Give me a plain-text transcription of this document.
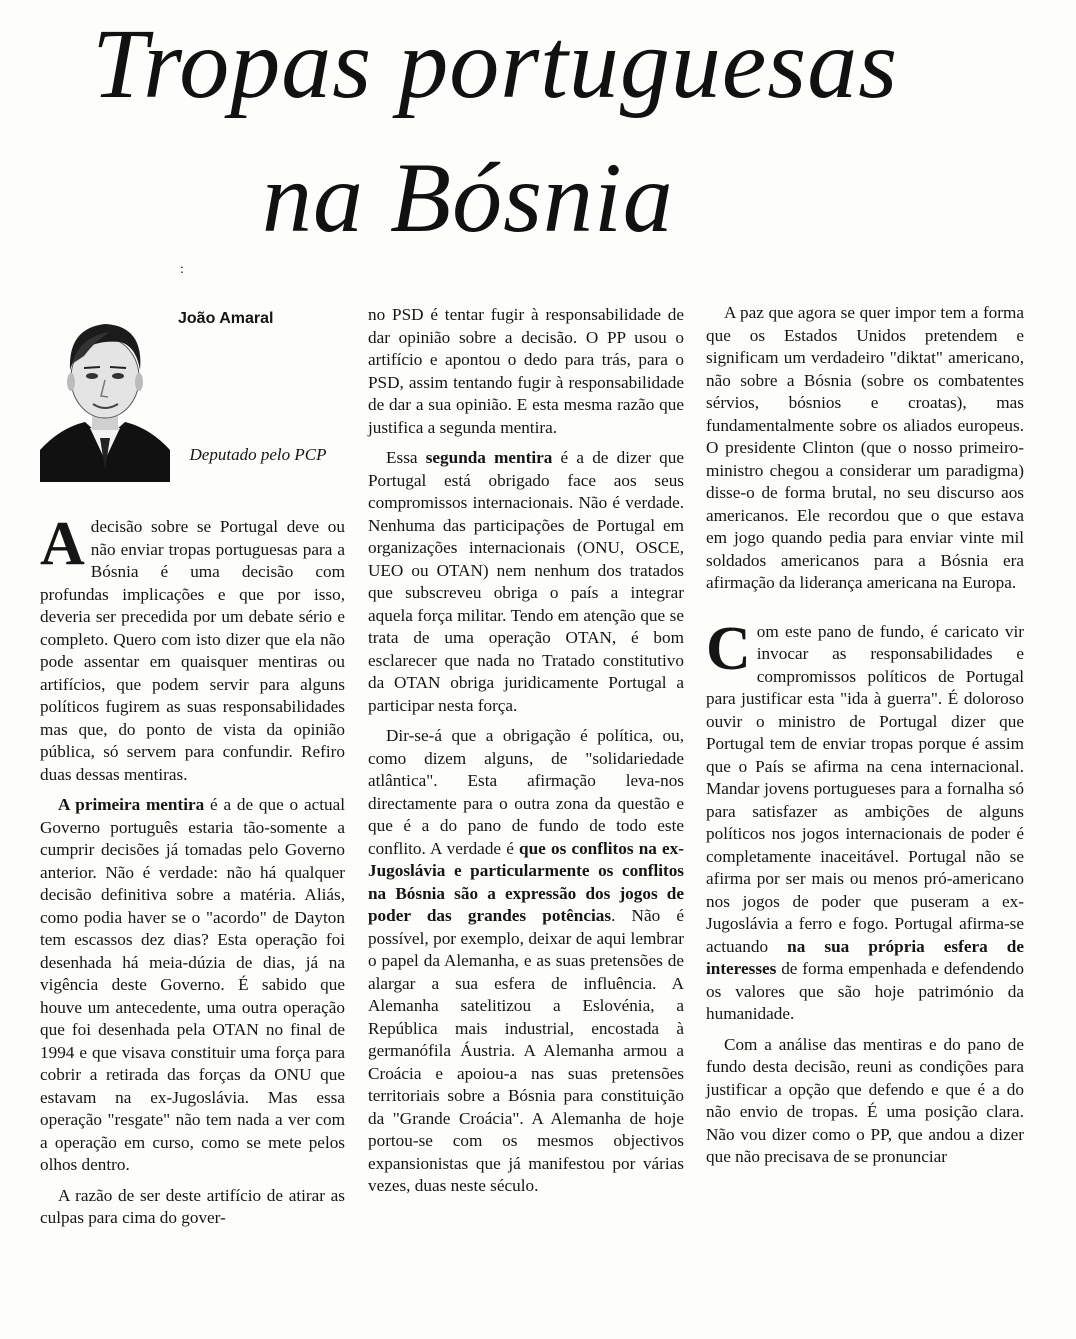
Tropas portuguesas
na Bósnia
:
João Amaral
Deputado pelo PCP

Adecisão sobre se Portugal deve ou não enviar tropas portuguesas para a Bósnia é uma decisão com profundas implicações e que por isso, deveria ser precedida por um debate sério e completo. Quero com isto dizer que ela não pode assentar em quaisquer mentiras ou artifícios, que podem servir para alguns políticos fugirem as suas responsabilidades mas que, do ponto de vista da opinião pública, só servem para confundir. Refiro duas dessas mentiras.

A primeira mentira é a de que o actual Governo português estaria tão-somente a cumprir decisões já tomadas pelo Governo anterior. Não é verdade: não há qualquer decisão definitiva sobre a matéria. Aliás, como podia haver se o "acordo" de Dayton tem escassos dez dias? Esta operação foi desenhada há meia-dúzia de dias, já na vigência deste Governo. É sabido que houve um antecedente, uma outra operação que foi desenhada pela OTAN no final de 1994 e que visava constituir uma força para cobrir a retirada das forças da ONU que estavam na ex-Jugoslávia. Mas essa operação "resgate" não tem nada a ver com a operação em curso, como se mete pelos olhos dentro.

A razão de ser deste artifício de atirar as culpas para cima do gover-

no PSD é tentar fugir à responsabilidade de dar opinião sobre a decisão. O PP usou o artifício e apontou o dedo para trás, para o PSD, assim tentando fugir à responsabilidade de dar a sua opinião. E esta mesma razão que justifica a segunda mentira.

Essa segunda mentira é a de dizer que Portugal está obrigado face aos seus compromissos internacionais. Não é verdade. Nenhuma das participações de Portugal em organizações internacionais (ONU, OSCE, UEO ou OTAN) nem nenhum dos tratados que subscreveu obriga o país a integrar aquela força militar. Tendo em atenção que se trata de uma operação OTAN, é bom esclarecer que nada no Tratado constitutivo da OTAN obriga juridicamente Portugal a participar nesta força.

Dir-se-á que a obrigação é política, ou, como dizem alguns, de "solidariedade atlântica". Esta afirmação leva-nos directamente para o outra zona da questão e que é a do pano de fundo de todo este conflito. A verdade é que os conflitos na ex-Jugoslávia e particularmente os conflitos na Bósnia são a expressão dos jogos de poder das grandes potências. Não é possível, por exemplo, deixar de aqui lembrar o papel da Alemanha, e as suas pretensões de alargar a sua esfera de influência. A Alemanha satelitizou a Eslovénia, a República mais industrial, encostada à germanófila Áustria. A Alemanha armou a Croácia e apoiou-a nas suas pretensões territoriais sobre a Bósnia para constituição da "Grande Croácia". A Alemanha de hoje portou-se com os mesmos objectivos expansionistas que já manifestou por várias vezes, duas neste século.

A paz que agora se quer impor tem a forma que os Estados Unidos pretendem e significam um verdadeiro "diktat" americano, não sobre a Bósnia (sobre os combatentes sérvios, bósnios e croatas), mas fundamentalmente sobre os aliados europeus. O presidente Clinton (que o nosso primeiro-ministro chegou a considerar um paradigma) disse-o de forma brutal, no seu discurso aos americanos. Ele recordou que o que estava em jogo quando pedia para enviar vinte mil soldados americanos para a Bósnia era afirmação da liderança americana na Europa.

Com este pano de fundo, é caricato vir invocar as responsabilidades e compromissos políticos de Portugal para justificar esta "ida à guerra". É doloroso ouvir o ministro de Portugal dizer que Portugal tem de enviar tropas porque é assim que o País se afirma na cena internacional. Mandar jovens portugueses para a fornalha só para satisfazer as ambições de alguns políticos nos jogos internacionais de poder é completamente inaceitável. Portugal não se afirma por ser mais ou menos pró-americano nos jogos de poder que puseram a ex-Jugoslávia a ferro e fogo. Portugal afirma-se actuando na sua própria esfera de interesses de forma empenhada e defendendo os valores que são hoje património da humanidade.

Com a análise das mentiras e do pano de fundo desta decisão, reuni as condições para justificar a opção que defendo e que é a do não envio de tropas. É uma posição clara. Não vou dizer como o PP, que andou a dizer que não precisava de se pronunciar
